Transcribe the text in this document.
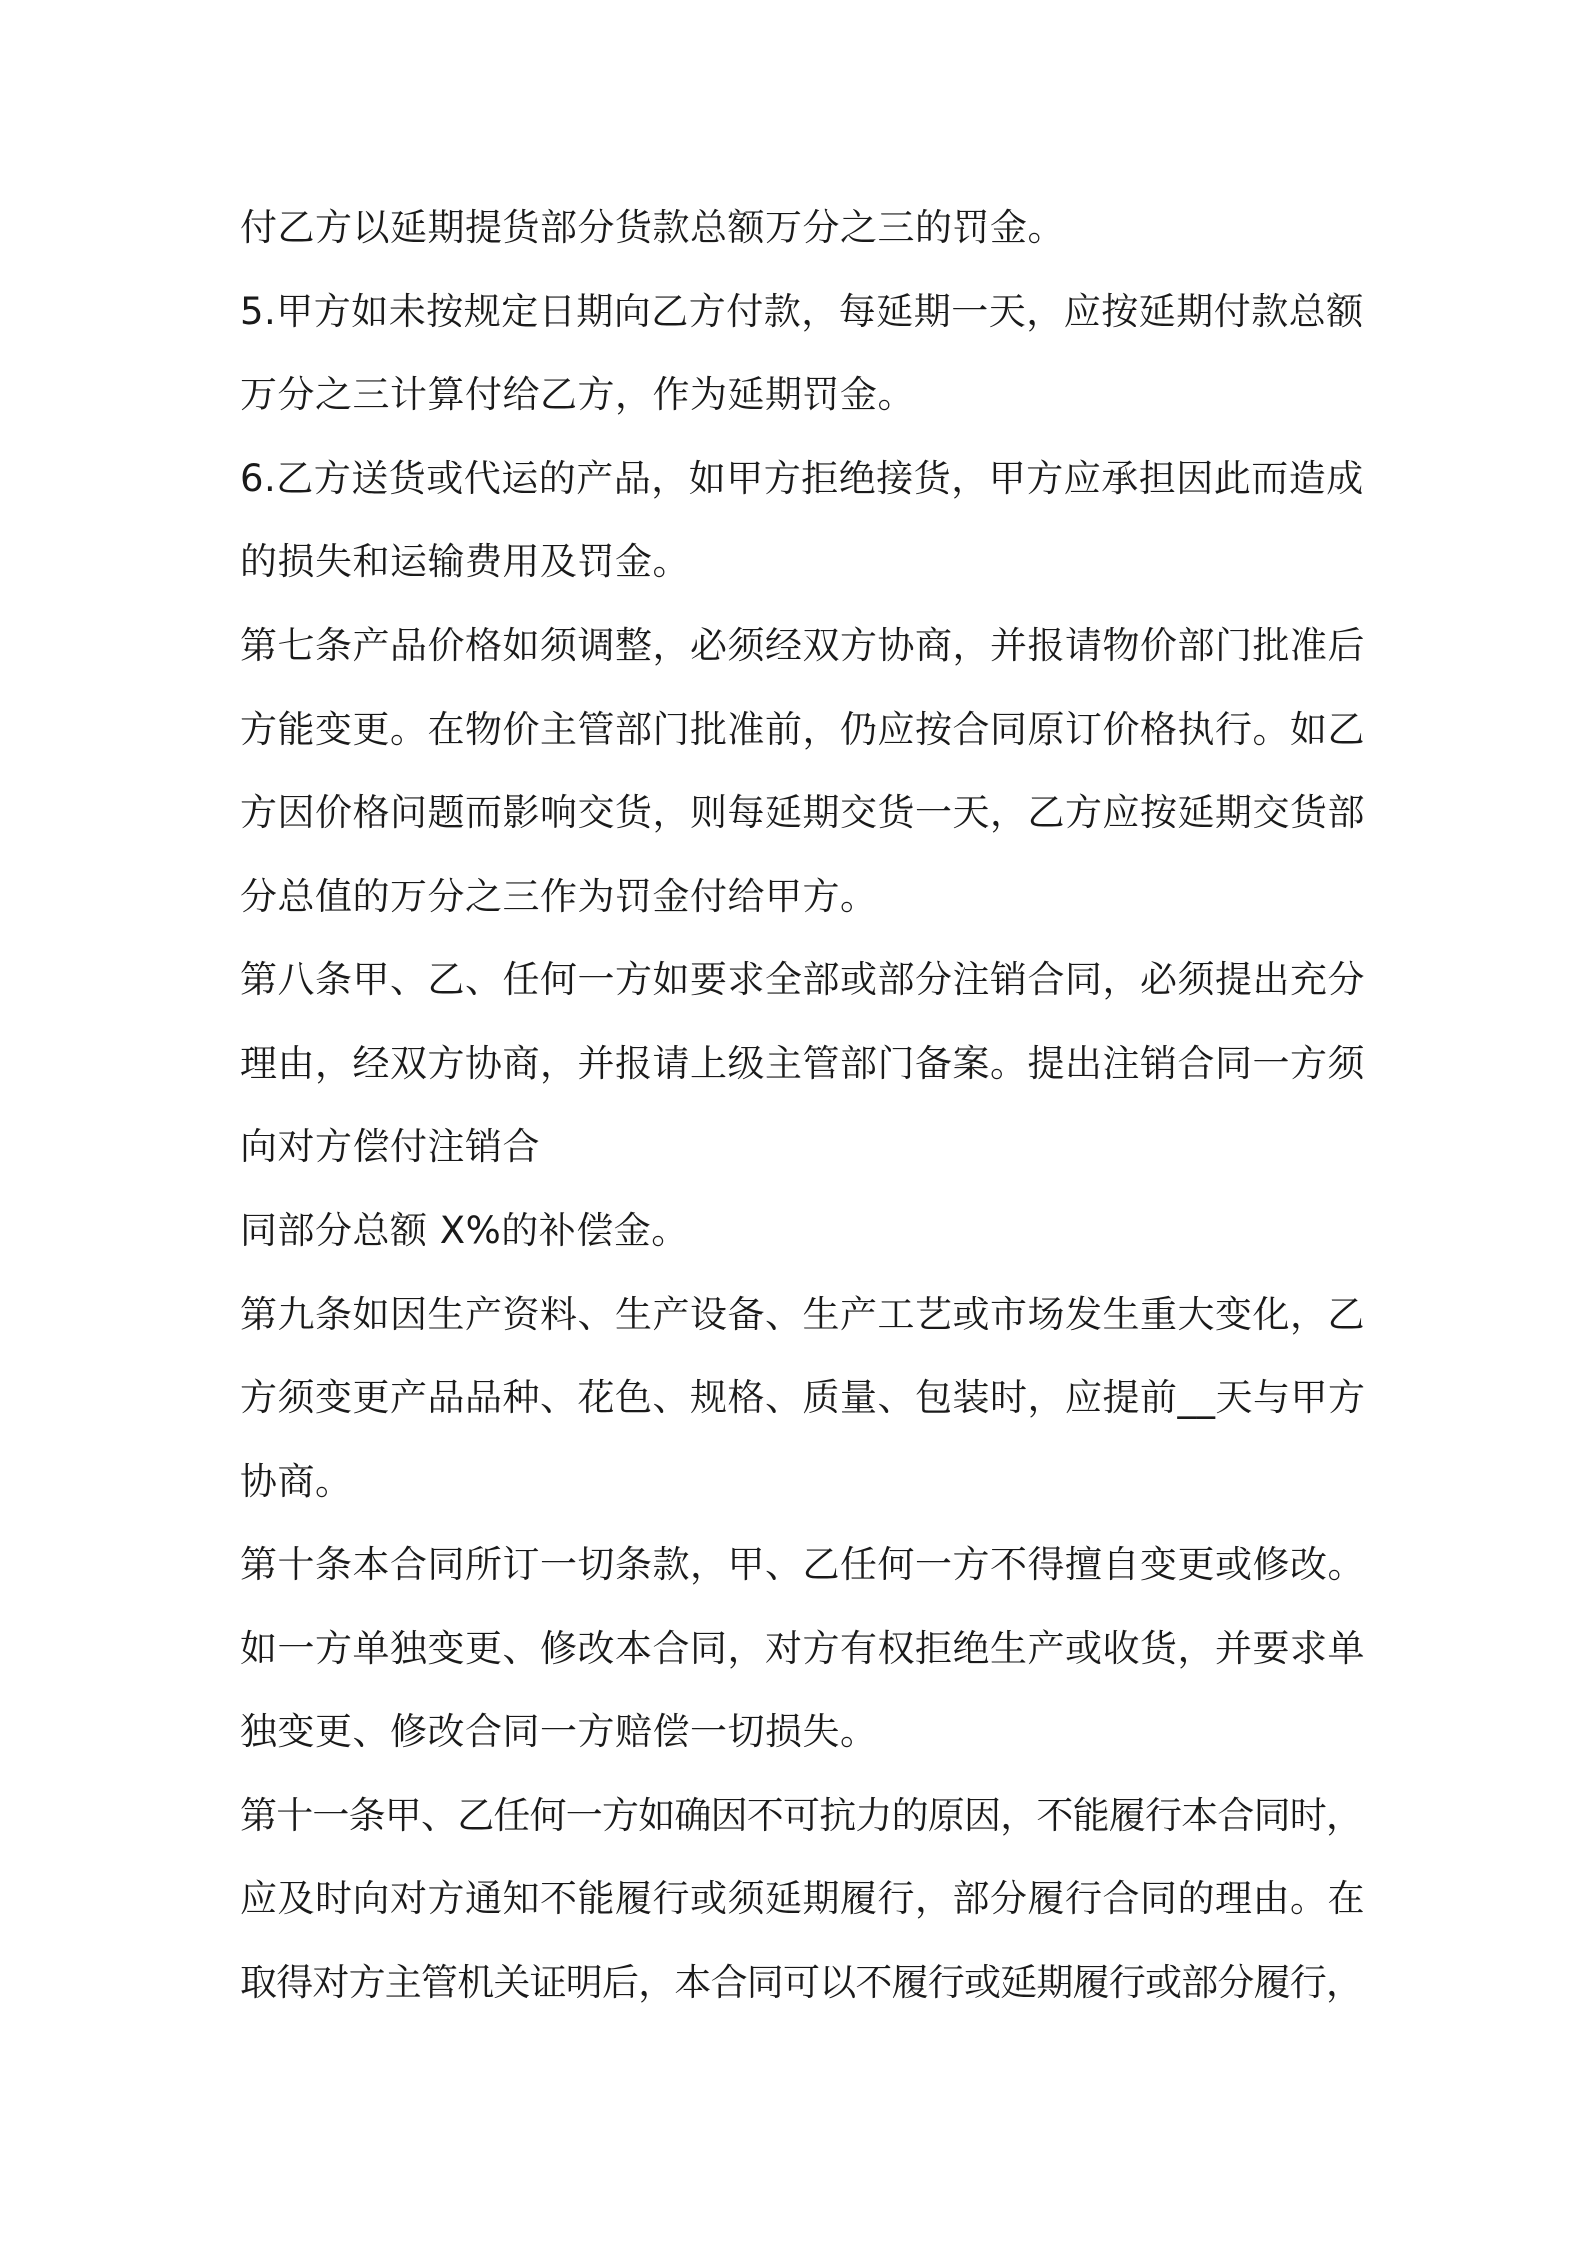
付乙方以延期提货部分货款总额万分之三的罚金。

5.甲方如未按规定日期向乙方付款，每延期一天，应按延期付款总额

万分之三计算付给乙方，作为延期罚金。

6.乙方送货或代运的产品，如甲方拒绝接货，甲方应承担因此而造成

的损失和运输费用及罚金。

第七条产品价格如须调整，必须经双方协商，并报请物价部门批准后

方能变更。在物价主管部门批准前，仍应按合同原订价格执行。如乙

方因价格问题而影响交货，则每延期交货一天，乙方应按延期交货部

分总值的万分之三作为罚金付给甲方。

第八条甲、乙、任何一方如要求全部或部分注销合同，必须提出充分

理由，经双方协商，并报请上级主管部门备案。提出注销合同一方须

向对方偿付注销合

同部分总额 X%的补偿金。

第九条如因生产资料、生产设备、生产工艺或市场发生重大变化，乙

方须变更产品品种、花色、规格、质量、包装时，应提前__天与甲方

协商。

第十条本合同所订一切条款，甲、乙任何一方不得擅自变更或修改。

如一方单独变更、修改本合同，对方有权拒绝生产或收货，并要求单

独变更、修改合同一方赔偿一切损失。

第十一条甲、乙任何一方如确因不可抗力的原因，不能履行本合同时，

应及时向对方通知不能履行或须延期履行，部分履行合同的理由。在

取得对方主管机关证明后，本合同可以不履行或延期履行或部分履行，
